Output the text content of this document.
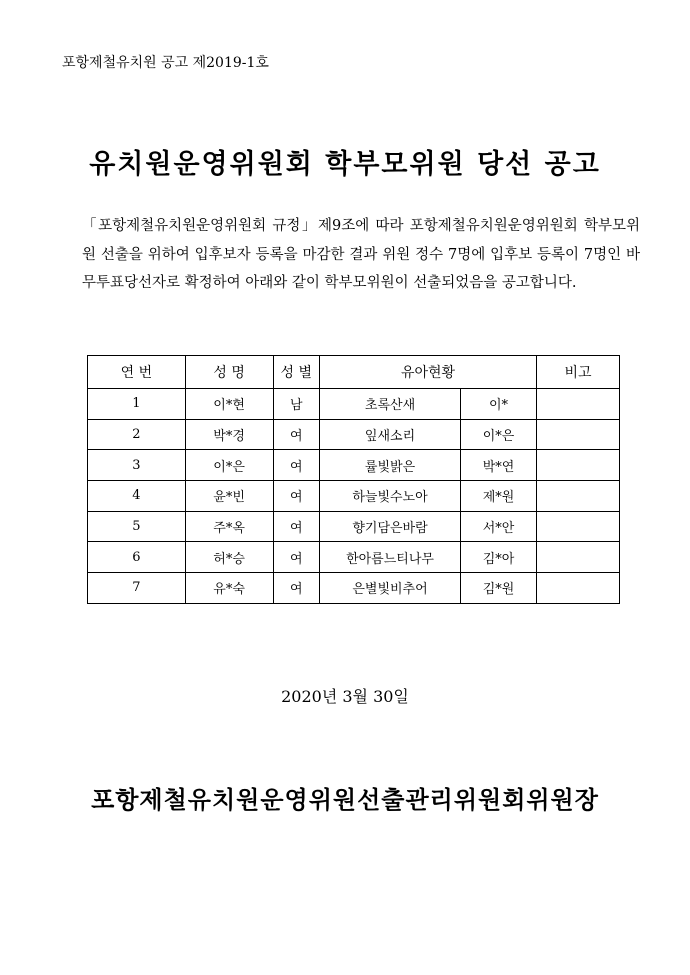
포항제철유치원 공고 제2019-1호
유치원운영위원회 학부모위원 당선 공고
「포항제철유치원운영위원회 규정」제9조에 따라 포항제철유치원운영위원회 학부모위원 선출을 위하여 입후보자 등록을 마감한 결과 위원 정수 7명에 입후보 등록이 7명인 바 무투표당선자로 확정하여 아래와 같이 학부모위원이 선출되었음을 공고합니다.
연 번	성 명	성 별	유아현황		비고
1	이*현	남	초록산새	이*	
2	박*경	여	잎새소리	이*은	
3	이*은	여	률빛밝은	박*연	
4	윤*빈	여	하늘빛수노아	제*원	
5	주*옥	여	향기담은바람	서*안	
6	허*승	여	한아름느티나무	김*아	
7	유*숙	여	은별빛비추어	김*원	
2020년 3월 30일
포항제철유치원운영위원선출관리위원회위원장
